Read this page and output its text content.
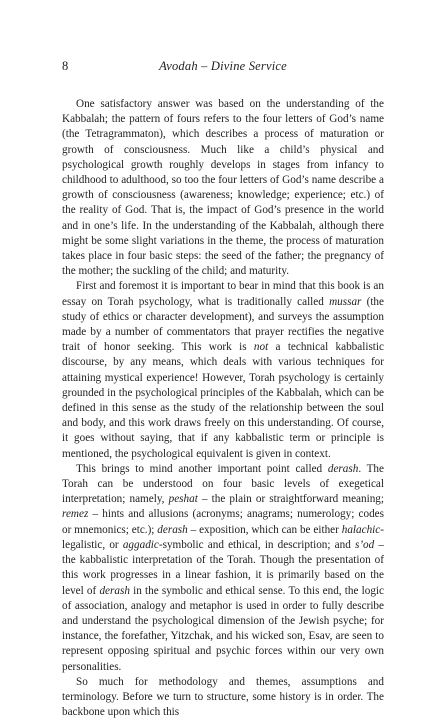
8	Avodah – Divine Service

One satisfactory answer was based on the understanding of the Kabbalah; the pattern of fours refers to the four letters of God’s name (the Tetragrammaton), which describes a process of maturation or growth of consciousness. Much like a child’s physical and psychological growth roughly develops in stages from infancy to childhood to adulthood, so too the four letters of God’s name describe a growth of consciousness (awareness; knowledge; experience; etc.) of the reality of God. That is, the impact of God’s presence in the world and in one’s life. In the understanding of the Kabbalah, although there might be some slight variations in the theme, the process of maturation takes place in four basic steps: the seed of the father; the pregnancy of the mother; the suckling of the child; and maturity.

First and foremost it is important to bear in mind that this book is an essay on Torah psychology, what is traditionally called mussar (the study of ethics or character development), and surveys the assumption made by a number of commentators that prayer rectifies the negative trait of honor seeking. This work is not a technical kabbalistic discourse, by any means, which deals with various techniques for attaining mystical experience! However, Torah psychology is certainly grounded in the psychological principles of the Kabbalah, which can be defined in this sense as the study of the relationship between the soul and body, and this work draws freely on this understanding. Of course, it goes without saying, that if any kabbalistic term or principle is mentioned, the psychological equivalent is given in context.

This brings to mind another important point called derash. The Torah can be understood on four basic levels of exegetical interpretation; namely, peshat – the plain or straightforward meaning; remez – hints and allusions (acronyms; anagrams; numerology; codes or mnemonics; etc.); derash – exposition, which can be either halachic-legalistic, or aggadic-symbolic and ethical, in description; and s’od – the kabbalistic interpretation of the Torah. Though the presentation of this work progresses in a linear fashion, it is primarily based on the level of derash in the symbolic and ethical sense. To this end, the logic of association, analogy and metaphor is used in order to fully describe and understand the psychological dimension of the Jewish psyche; for instance, the forefather, Yitzchak, and his wicked son, Esav, are seen to represent opposing spiritual and psychic forces within our very own personalities.

So much for methodology and themes, assumptions and terminology. Before we turn to structure, some history is in order. The backbone upon which this
